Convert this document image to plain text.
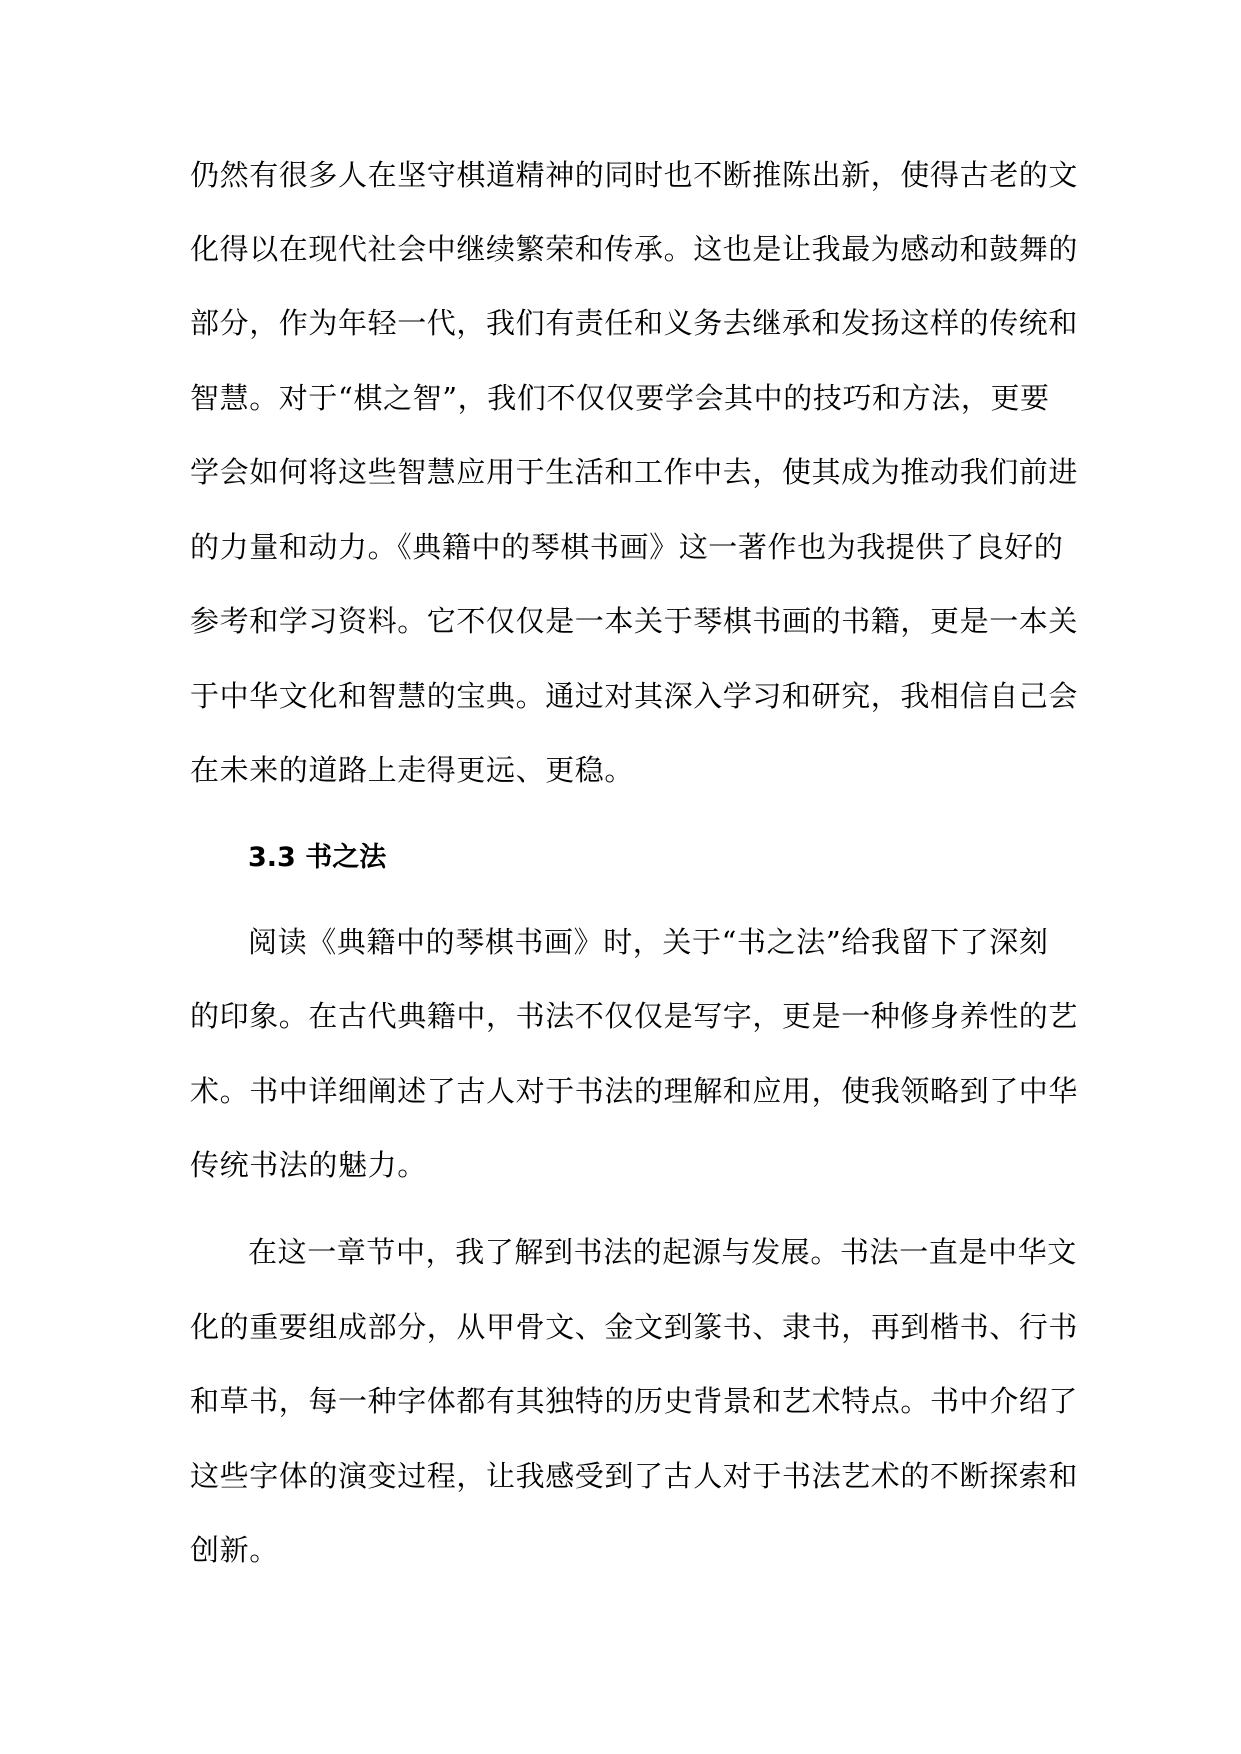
仍然有很多人在坚守棋道精神的同时也不断推陈出新，使得古老的文
化得以在现代社会中继续繁荣和传承。这也是让我最为感动和鼓舞的
部分，作为年轻一代，我们有责任和义务去继承和发扬这样的传统和
智慧。对于“棋之智”，我们不仅仅要学会其中的技巧和方法，更要
学会如何将这些智慧应用于生活和工作中去，使其成为推动我们前进
的力量和动力。《典籍中的琴棋书画》这一著作也为我提供了良好的
参考和学习资料。它不仅仅是一本关于琴棋书画的书籍，更是一本关
于中华文化和智慧的宝典。通过对其深入学习和研究，我相信自己会
在未来的道路上走得更远、更稳。
3.3 书之法
阅读《典籍中的琴棋书画》时，关于“书之法”给我留下了深刻
的印象。在古代典籍中，书法不仅仅是写字，更是一种修身养性的艺
术。书中详细阐述了古人对于书法的理解和应用，使我领略到了中华
传统书法的魅力。
在这一章节中，我了解到书法的起源与发展。书法一直是中华文
化的重要组成部分，从甲骨文、金文到篆书、隶书，再到楷书、行书
和草书，每一种字体都有其独特的历史背景和艺术特点。书中介绍了
这些字体的演变过程，让我感受到了古人对于书法艺术的不断探索和
创新。
